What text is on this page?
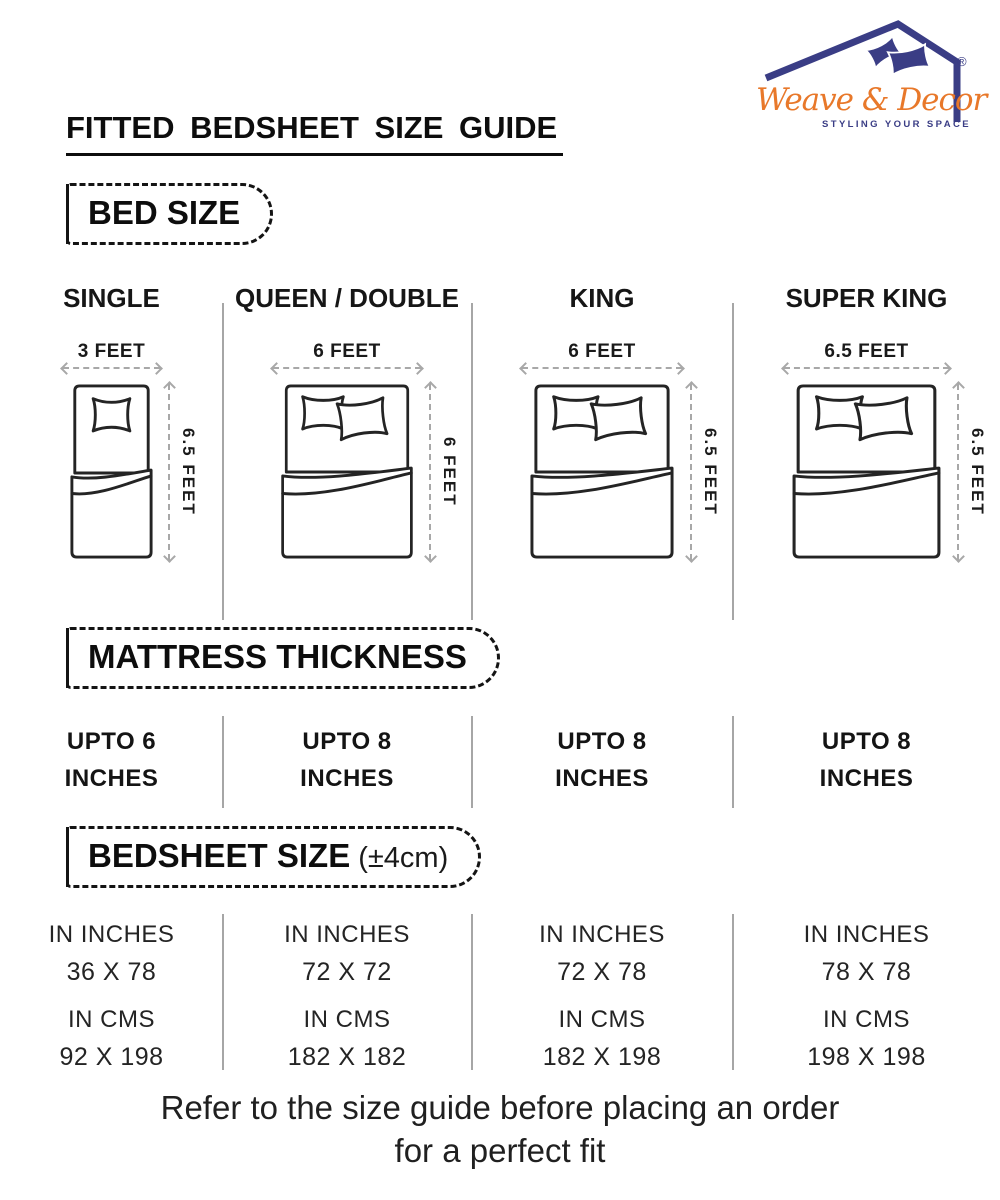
Weave & Decor
®
STYLING YOUR SPACE
FITTED BEDSHEET SIZE GUIDE
BED SIZE
SINGLE
3 FEET
6.5 FEET
QUEEN / DOUBLE
6 FEET
6 FEET
KING
6 FEET
6.5 FEET
SUPER KING
6.5 FEET
6.5 FEET
MATTRESS THICKNESS
UPTO 6
INCHES
UPTO 8
INCHES
UPTO 8
INCHES
UPTO 8
INCHES
BEDSHEET SIZE (±4cm)
IN INCHES
36 X 78
IN CMS
92 X 198
IN INCHES
72 X 72
IN CMS
182 X 182
IN INCHES
72 X 78
IN CMS
182 X 198
IN INCHES
78 X 78
IN CMS
198 X 198
Refer to the size guide before placing an order
for a perfect fit
